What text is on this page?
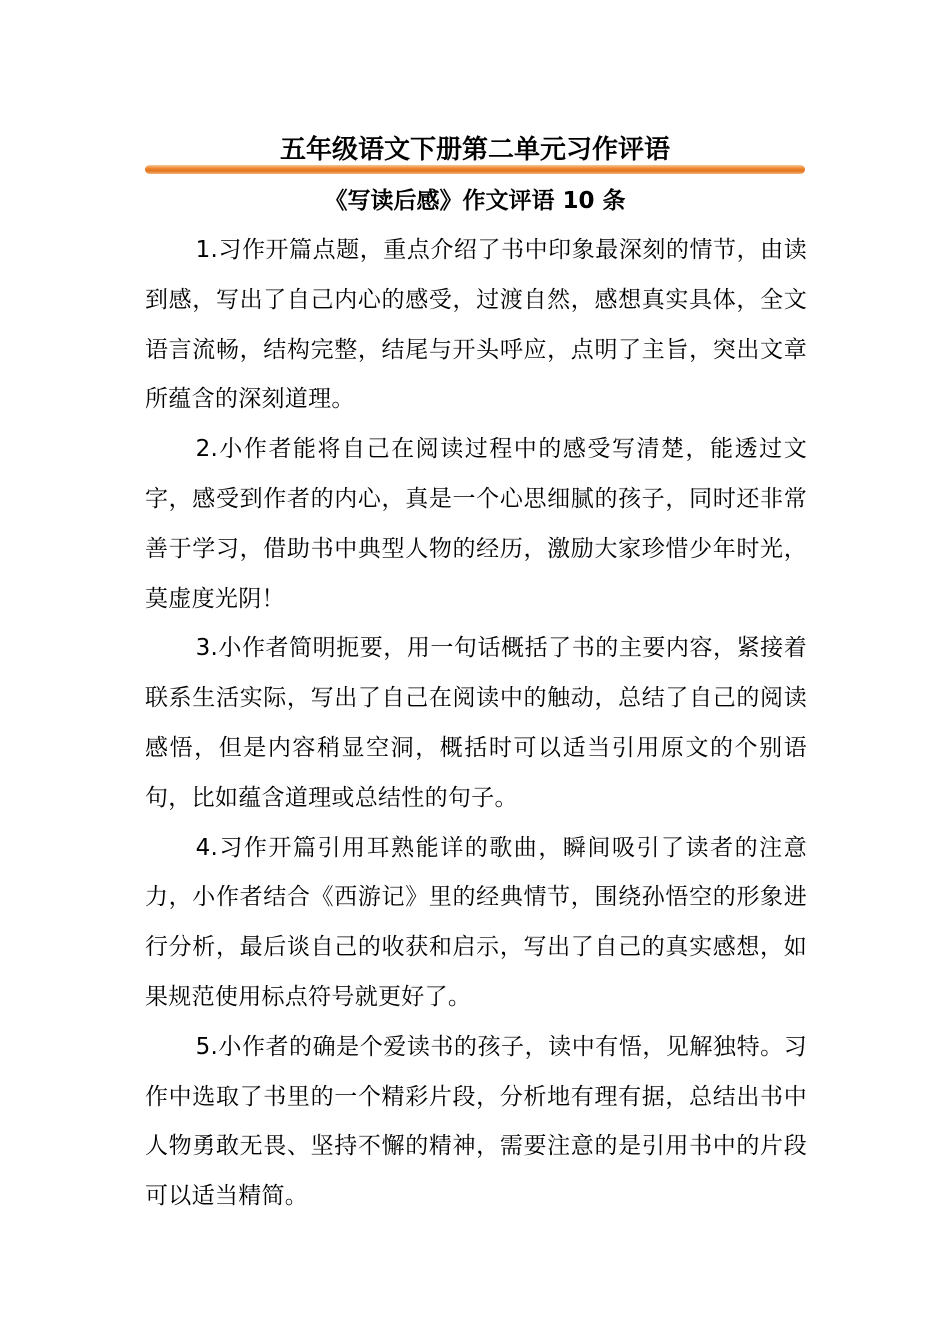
五年级语文下册第二单元习作评语
《写读后感》作文评语 10 条

1.习作开篇点题，重点介绍了书中印象最深刻的情节，由读到感，写出了自己内心的感受，过渡自然，感想真实具体，全文语言流畅，结构完整，结尾与开头呼应，点明了主旨，突出文章所蕴含的深刻道理。

2.小作者能将自己在阅读过程中的感受写清楚，能透过文字，感受到作者的内心，真是一个心思细腻的孩子，同时还非常善于学习，借助书中典型人物的经历，激励大家珍惜少年时光，莫虚度光阴！

3.小作者简明扼要，用一句话概括了书的主要内容，紧接着联系生活实际，写出了自己在阅读中的触动，总结了自己的阅读感悟，但是内容稍显空洞，概括时可以适当引用原文的个别语句，比如蕴含道理或总结性的句子。

4.习作开篇引用耳熟能详的歌曲，瞬间吸引了读者的注意力，小作者结合《西游记》里的经典情节，围绕孙悟空的形象进行分析，最后谈自己的收获和启示，写出了自己的真实感想，如果规范使用标点符号就更好了。

5.小作者的确是个爱读书的孩子，读中有悟，见解独特。习作中选取了书里的一个精彩片段，分析地有理有据，总结出书中人物勇敢无畏、坚持不懈的精神，需要注意的是引用书中的片段可以适当精简。
